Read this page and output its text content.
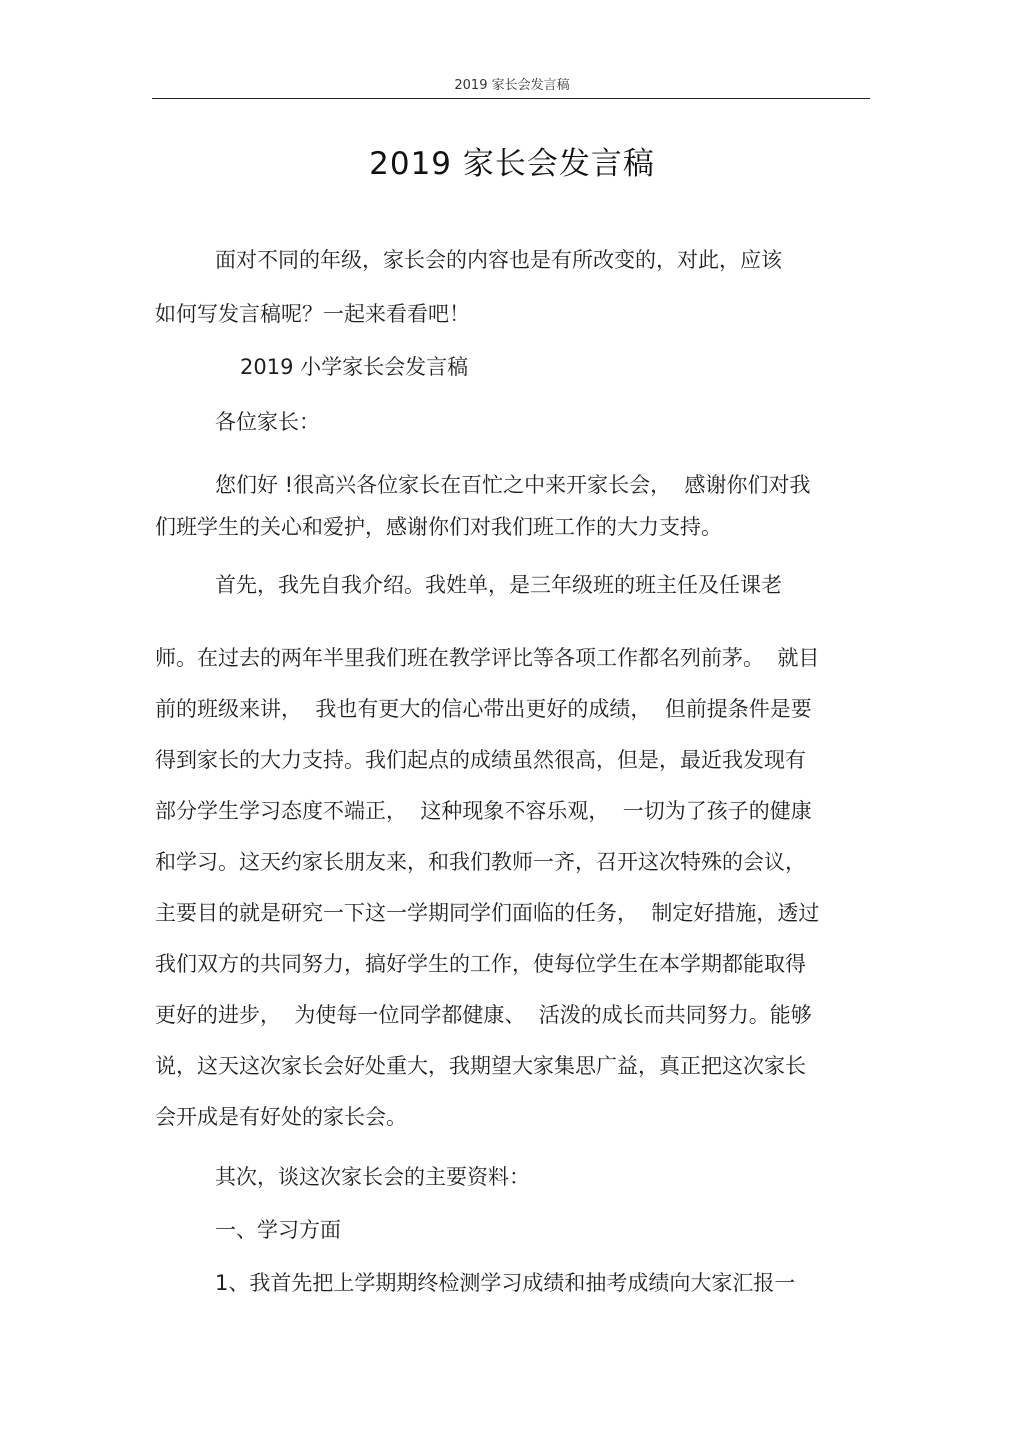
2019 家长会发言稿
2019 家长会发言稿
面对不同的年级，家长会的内容也是有所改变的，对此，应该
如何写发言稿呢？一起来看看吧！
2019 小学家长会发言稿
各位家长：
您们好 !很高兴各位家长在百忙之中来开家长会，  感谢你们对我
们班学生的关心和爱护，感谢你们对我们班工作的大力支持。
首先，我先自我介绍。我姓单，是三年级班的班主任及任课老
师。在过去的两年半里我们班在教学评比等各项工作都名列前茅。  就目
前的班级来讲，  我也有更大的信心带出更好的成绩，  但前提条件是要
得到家长的大力支持。我们起点的成绩虽然很高，但是，最近我发现有
部分学生学习态度不端正，  这种现象不容乐观，  一切为了孩子的健康
和学习。这天约家长朋友来，和我们教师一齐，召开这次特殊的会议，
主要目的就是研究一下这一学期同学们面临的任务，  制定好措施，透过
我们双方的共同努力，搞好学生的工作，使每位学生在本学期都能取得
更好的进步，  为使每一位同学都健康、  活泼的成长而共同努力。能够
说，这天这次家长会好处重大，我期望大家集思广益，真正把这次家长
会开成是有好处的家长会。
其次，谈这次家长会的主要资料：
一、学习方面
1、我首先把上学期期终检测学习成绩和抽考成绩向大家汇报一
